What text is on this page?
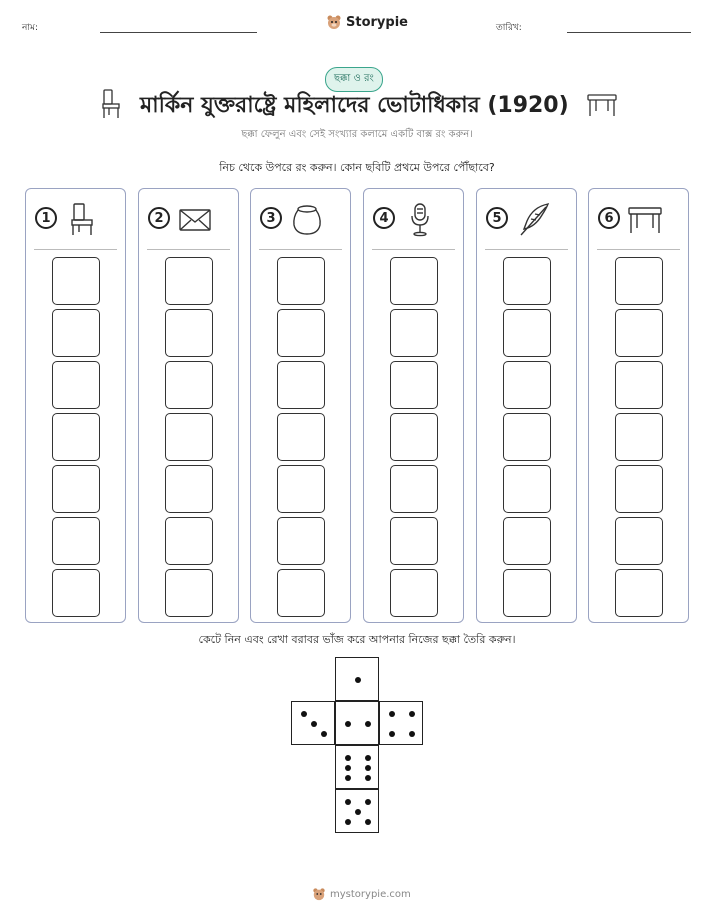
নাম:	Storypie	তারিখ:
ছক্কা ও রং
মার্কিন যুক্তরাষ্ট্রে মহিলাদের ভোটাধিকার (1920)
ছক্কা ফেলুন এবং সেই সংখ্যার কলামে একটি বাক্স রং করুন।
নিচ থেকে উপরে রং করুন। কোন ছবিটি প্রথমে উপরে পৌঁছাবে?
1	2	3	4	5	6
কেটে নিন এবং রেখা বরাবর ভাঁজ করে আপনার নিজের ছক্কা তৈরি করুন।
mystorypie.com
